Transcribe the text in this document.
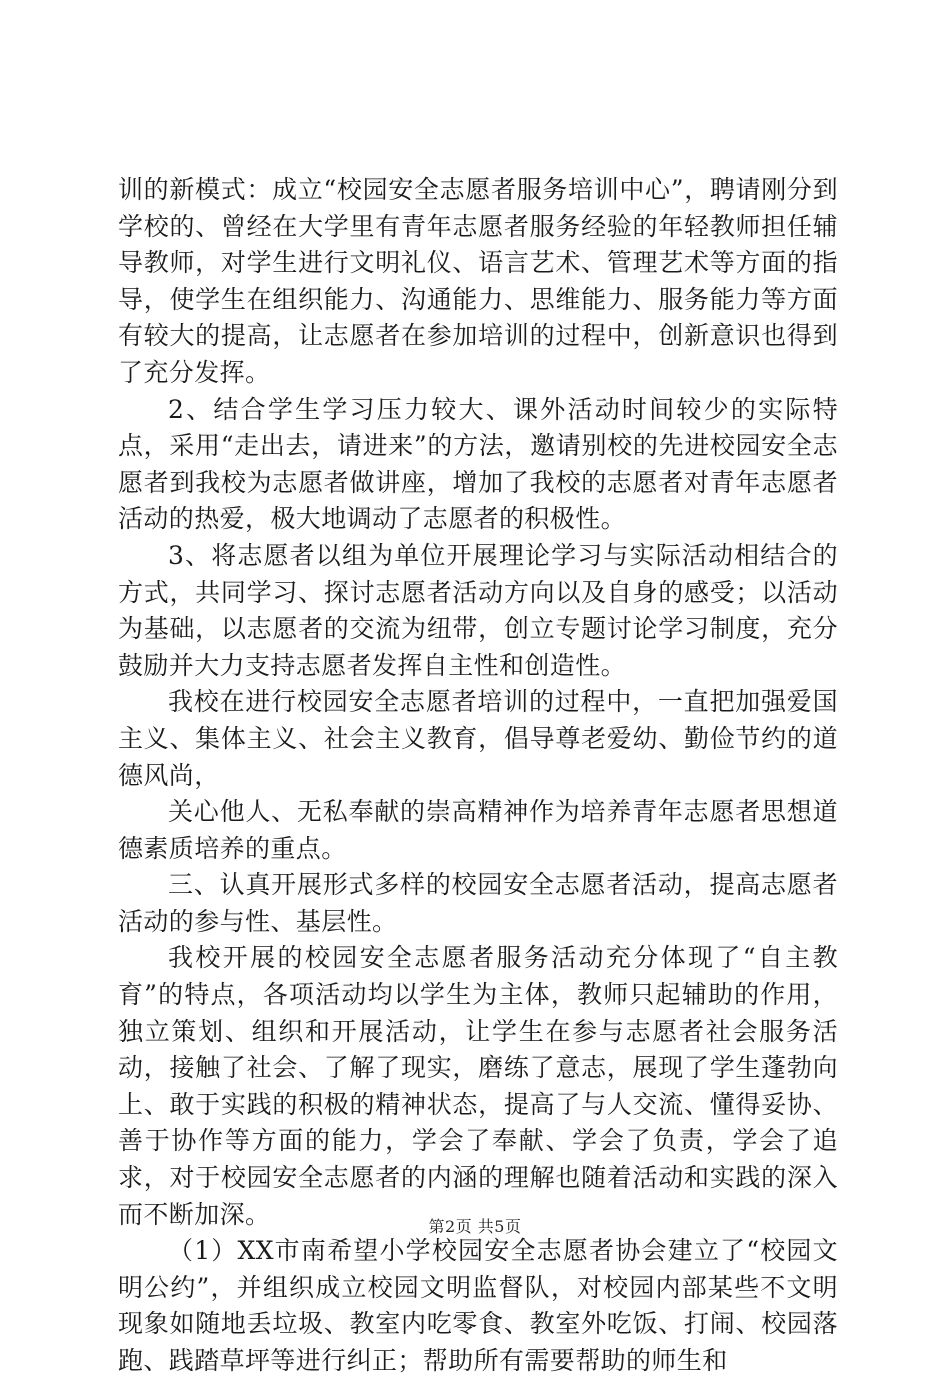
训的新模式：成立“校园安全志愿者服务培训中心”，聘请刚分到学校的、曾经在大学里有青年志愿者服务经验的年轻教师担任辅导教师，对学生进行文明礼仪、语言艺术、管理艺术等方面的指导，使学生在组织能力、沟通能力、思维能力、服务能力等方面有较大的提高，让志愿者在参加培训的过程中，创新意识也得到了充分发挥。

2、结合学生学习压力较大、课外活动时间较少的实际特点，采用“走出去，请进来”的方法，邀请别校的先进校园安全志愿者到我校为志愿者做讲座，增加了我校的志愿者对青年志愿者活动的热爱，极大地调动了志愿者的积极性。

3、将志愿者以组为单位开展理论学习与实际活动相结合的方式，共同学习、探讨志愿者活动方向以及自身的感受；以活动为基础，以志愿者的交流为纽带，创立专题讨论学习制度，充分鼓励并大力支持志愿者发挥自主性和创造性。

我校在进行校园安全志愿者培训的过程中，一直把加强爱国主义、集体主义、社会主义教育，倡导尊老爱幼、勤俭节约的道德风尚，

关心他人、无私奉献的崇高精神作为培养青年志愿者思想道德素质培养的重点。

三、认真开展形式多样的校园安全志愿者活动，提高志愿者活动的参与性、基层性。

我校开展的校园安全志愿者服务活动充分体现了“自主教育”的特点，各项活动均以学生为主体，教师只起辅助的作用，独立策划、组织和开展活动，让学生在参与志愿者社会服务活动，接触了社会、了解了现实，磨练了意志，展现了学生蓬勃向上、敢于实践的积极的精神状态，提高了与人交流、懂得妥协、善于协作等方面的能力，学会了奉献、学会了负责，学会了追求，对于校园安全志愿者的内涵的理解也随着活动和实践的深入而不断加深。

（1）XX市南希望小学校园安全志愿者协会建立了“校园文明公约”，并组织成立校园文明监督队，对校园内部某些不文明现象如随地丢垃圾、教室内吃零食、教室外吃饭、打闹、校园落跑、践踏草坪等进行纠正；帮助所有需要帮助的师生和

第2页 共5页
